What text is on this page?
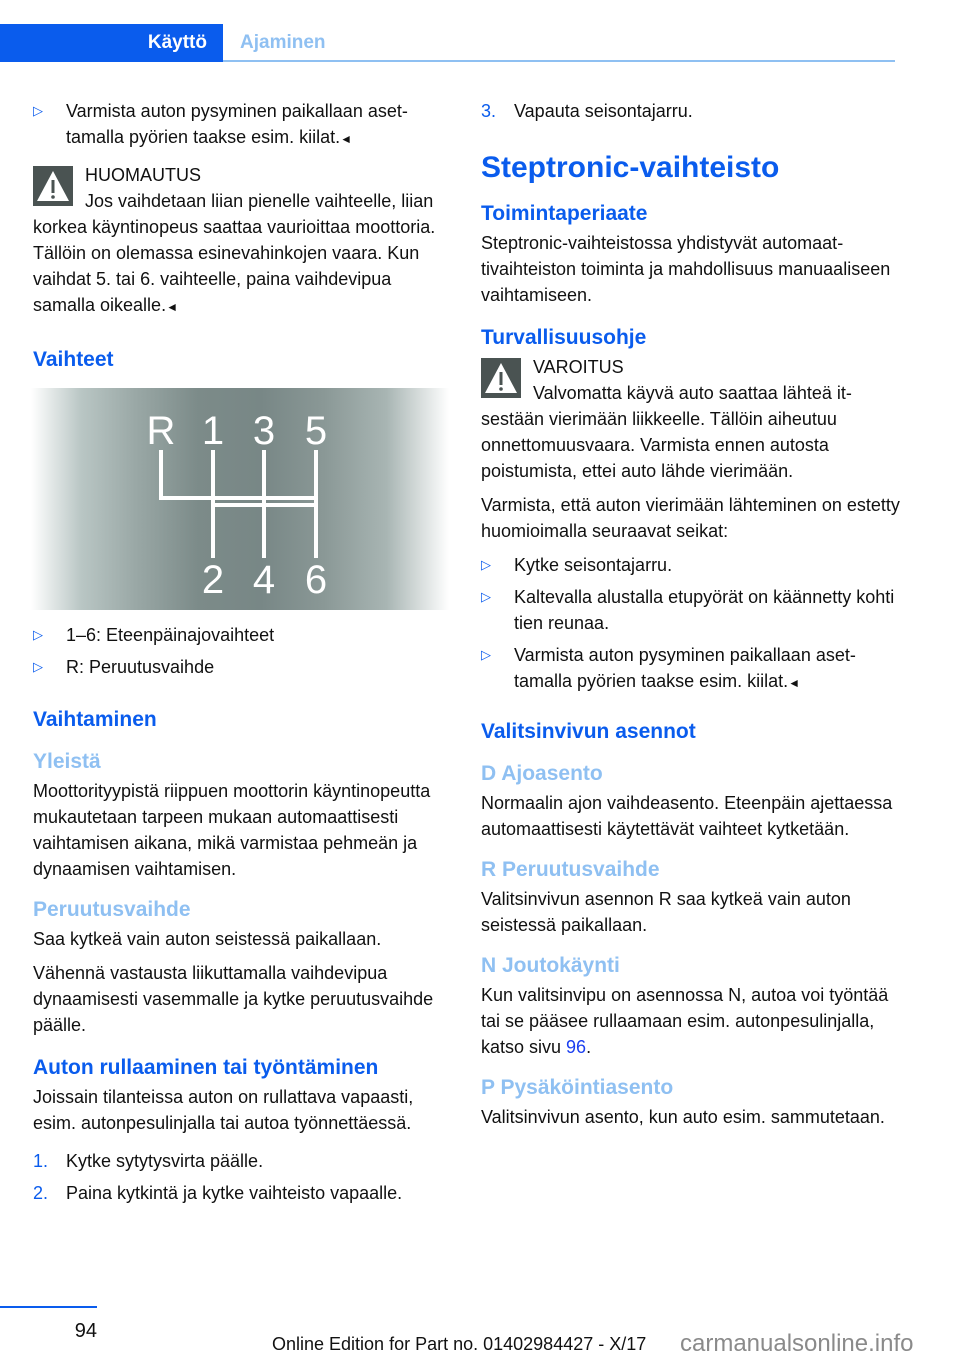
Käyttö	Ajaminen
▷ Varmista auton pysyminen paikallaan asettamalla pyörien taakse esim. kiilat.◄
HUOMAUTUS
Jos vaihdetaan liian pienelle vaihteelle, liian korkea käyntinopeus saattaa vaurioittaa moottoria. Tällöin on olemassa esinevahinkojen vaara. Kun vaihdat 5. tai 6. vaihteelle, paina vaihdevipua samalla oikealle.◄
Vaihteet
R 1 3 5
2 4 6
▷ 1–6: Eteenpäinajovaihteet
▷ R: Peruutusvaihde
Vaihtaminen
Yleistä

Moottorityypistä riippuen moottorin käyntinopeutta mukautetaan tarpeen mukaan automaattisesti vaihtamisen aikana, mikä varmistaa pehmeän ja dynaamisen vaihtamisen.

Peruutusvaihde

Saa kytkeä vain auton seistessä paikallaan.

Vähennä vastausta liikuttamalla vaihdevipua dynaamisesti vasemmalle ja kytke peruutusvaihde päälle.

Auton rullaaminen tai työntäminen

Joissain tilanteissa auton on rullattava vapaasti, esim. autonpesulinjalla tai autoa työnnettäessä.

1. Kytke sytytysvirta päälle.
2. Paina kytkintä ja kytke vaihteisto vapaalle.
3. Vapauta seisontajarru.
Steptronic-vaihteisto
Toimintaperiaate

Steptronic-vaihteistossa yhdistyvät automaattivaihteiston toiminta ja mahdollisuus manuaaliseen vaihtamiseen.

Turvallisuusohje
VAROITUS

Valvomatta käyvä auto saattaa lähteä itsestään vierimään liikkeelle. Tällöin aiheutuu onnettomuusvaara. Varmista ennen autosta poistumista, ettei auto lähde vierimään.

Varmista, että auton vierimään lähteminen on estetty huomioimalla seuraavat seikat:

▷ Kytke seisontajarru.
▷ Kaltevalla alustalla etupyörät on käännetty kohti tien reunaa.
▷ Varmista auton pysyminen paikallaan asettamalla pyörien taakse esim. kiilat.◄
Valitsinvivun asennot
D Ajoasento

Normaalin ajon vaihdeasento. Eteenpäin ajettaessa automaattisesti käytettävät vaihteet kytketään.

R Peruutusvaihde

Valitsinvivun asennon R saa kytkeä vain auton seistessä paikallaan.

N Joutokäynti

Kun valitsinvipu on asennossa N, autoa voi työntää tai se pääsee rullaamaan esim. autonpesulinjalla, katso sivu 96.

P Pysäköintiasento

Valitsinvivun asento, kun auto esim. sammutetaan.

94
Online Edition for Part no. 01402984427 - X/17 carmanualsonline.info
